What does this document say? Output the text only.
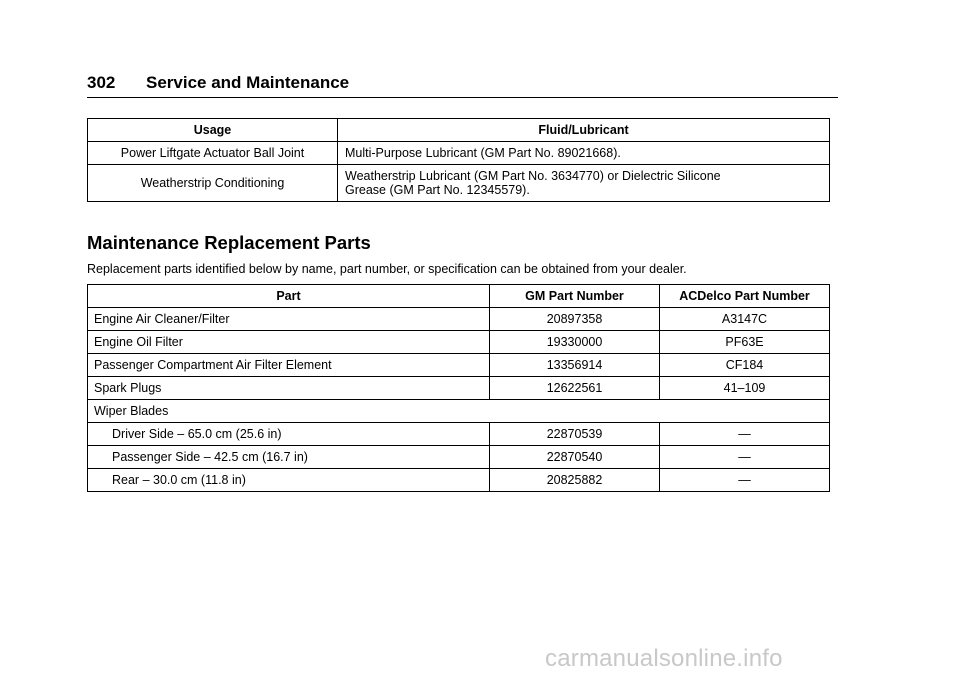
302 Service and Maintenance
Usage	Fluid/Lubricant
Power Liftgate Actuator Ball Joint	Multi-Purpose Lubricant (GM Part No. 89021668).
Weatherstrip Conditioning	Weatherstrip Lubricant (GM Part No. 3634770) or Dielectric Silicone
Grease (GM Part No. 12345579).
Maintenance Replacement Parts
Replacement parts identified below by name, part number, or specification can be obtained from your dealer.
Part	GM Part Number	ACDelco Part Number
Engine Air Cleaner/Filter	20897358	A3147C
Engine Oil Filter	19330000	PF63E
Passenger Compartment Air Filter Element	13356914	CF184
Spark Plugs	12622561	41–109
Wiper Blades		
Driver Side – 65.0 cm (25.6 in)	22870539	—
Passenger Side – 42.5 cm (16.7 in)	22870540	—
Rear – 30.0 cm (11.8 in)	20825882	—
carmanualsonline.info
